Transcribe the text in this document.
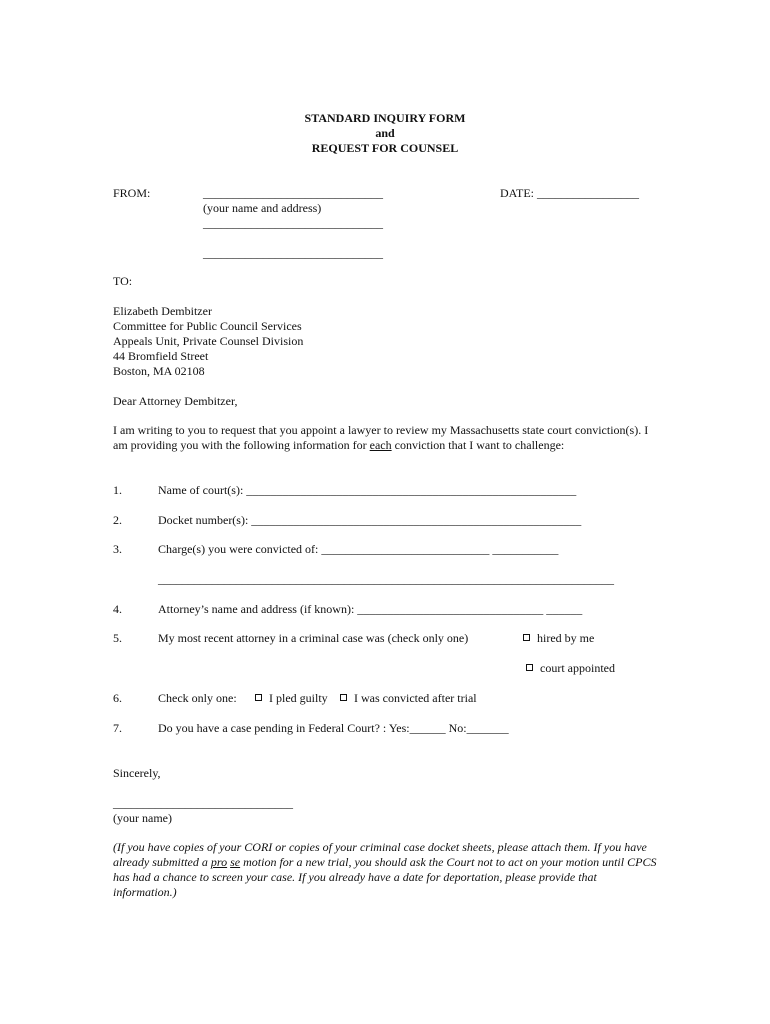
STANDARD INQUIRY FORM
and
REQUEST FOR COUNSEL
FROM:	______________________________
(your name and address)
______________________________
______________________________
DATE: _________________
TO:
Elizabeth Dembitzer
Committee for Public Council Services
Appeals Unit, Private Counsel Division
44 Bromfield Street
Boston, MA 02108
Dear Attorney Dembitzer,
I am writing to you to request that you appoint a lawyer to review my Massachusetts state court conviction(s). I am providing you with the following information for each conviction that I want to challenge:
1.	Name of court(s): _______________________________________________________
2.	Docket number(s): _______________________________________________________
3.	Charge(s) you were convicted of: ____________________________ ___________
____________________________________________________________________________
4.	Attorney’s name and address (if known): _______________________________ ______
5.	My most recent attorney in a criminal case was (check only one)	hired by me
court appointed
6.	Check only one:	I pled guilty	I was convicted after trial
7.	Do you have a case pending in Federal Court? : Yes:______ No:_______
Sincerely,
______________________________
(your name)
(If you have copies of your CORI or copies of your criminal case docket sheets, please attach them. If you have already submitted a pro se motion for a new trial, you should ask the Court not to act on your motion until CPCS has had a chance to screen your case. If you already have a date for deportation, please provide that information.)
